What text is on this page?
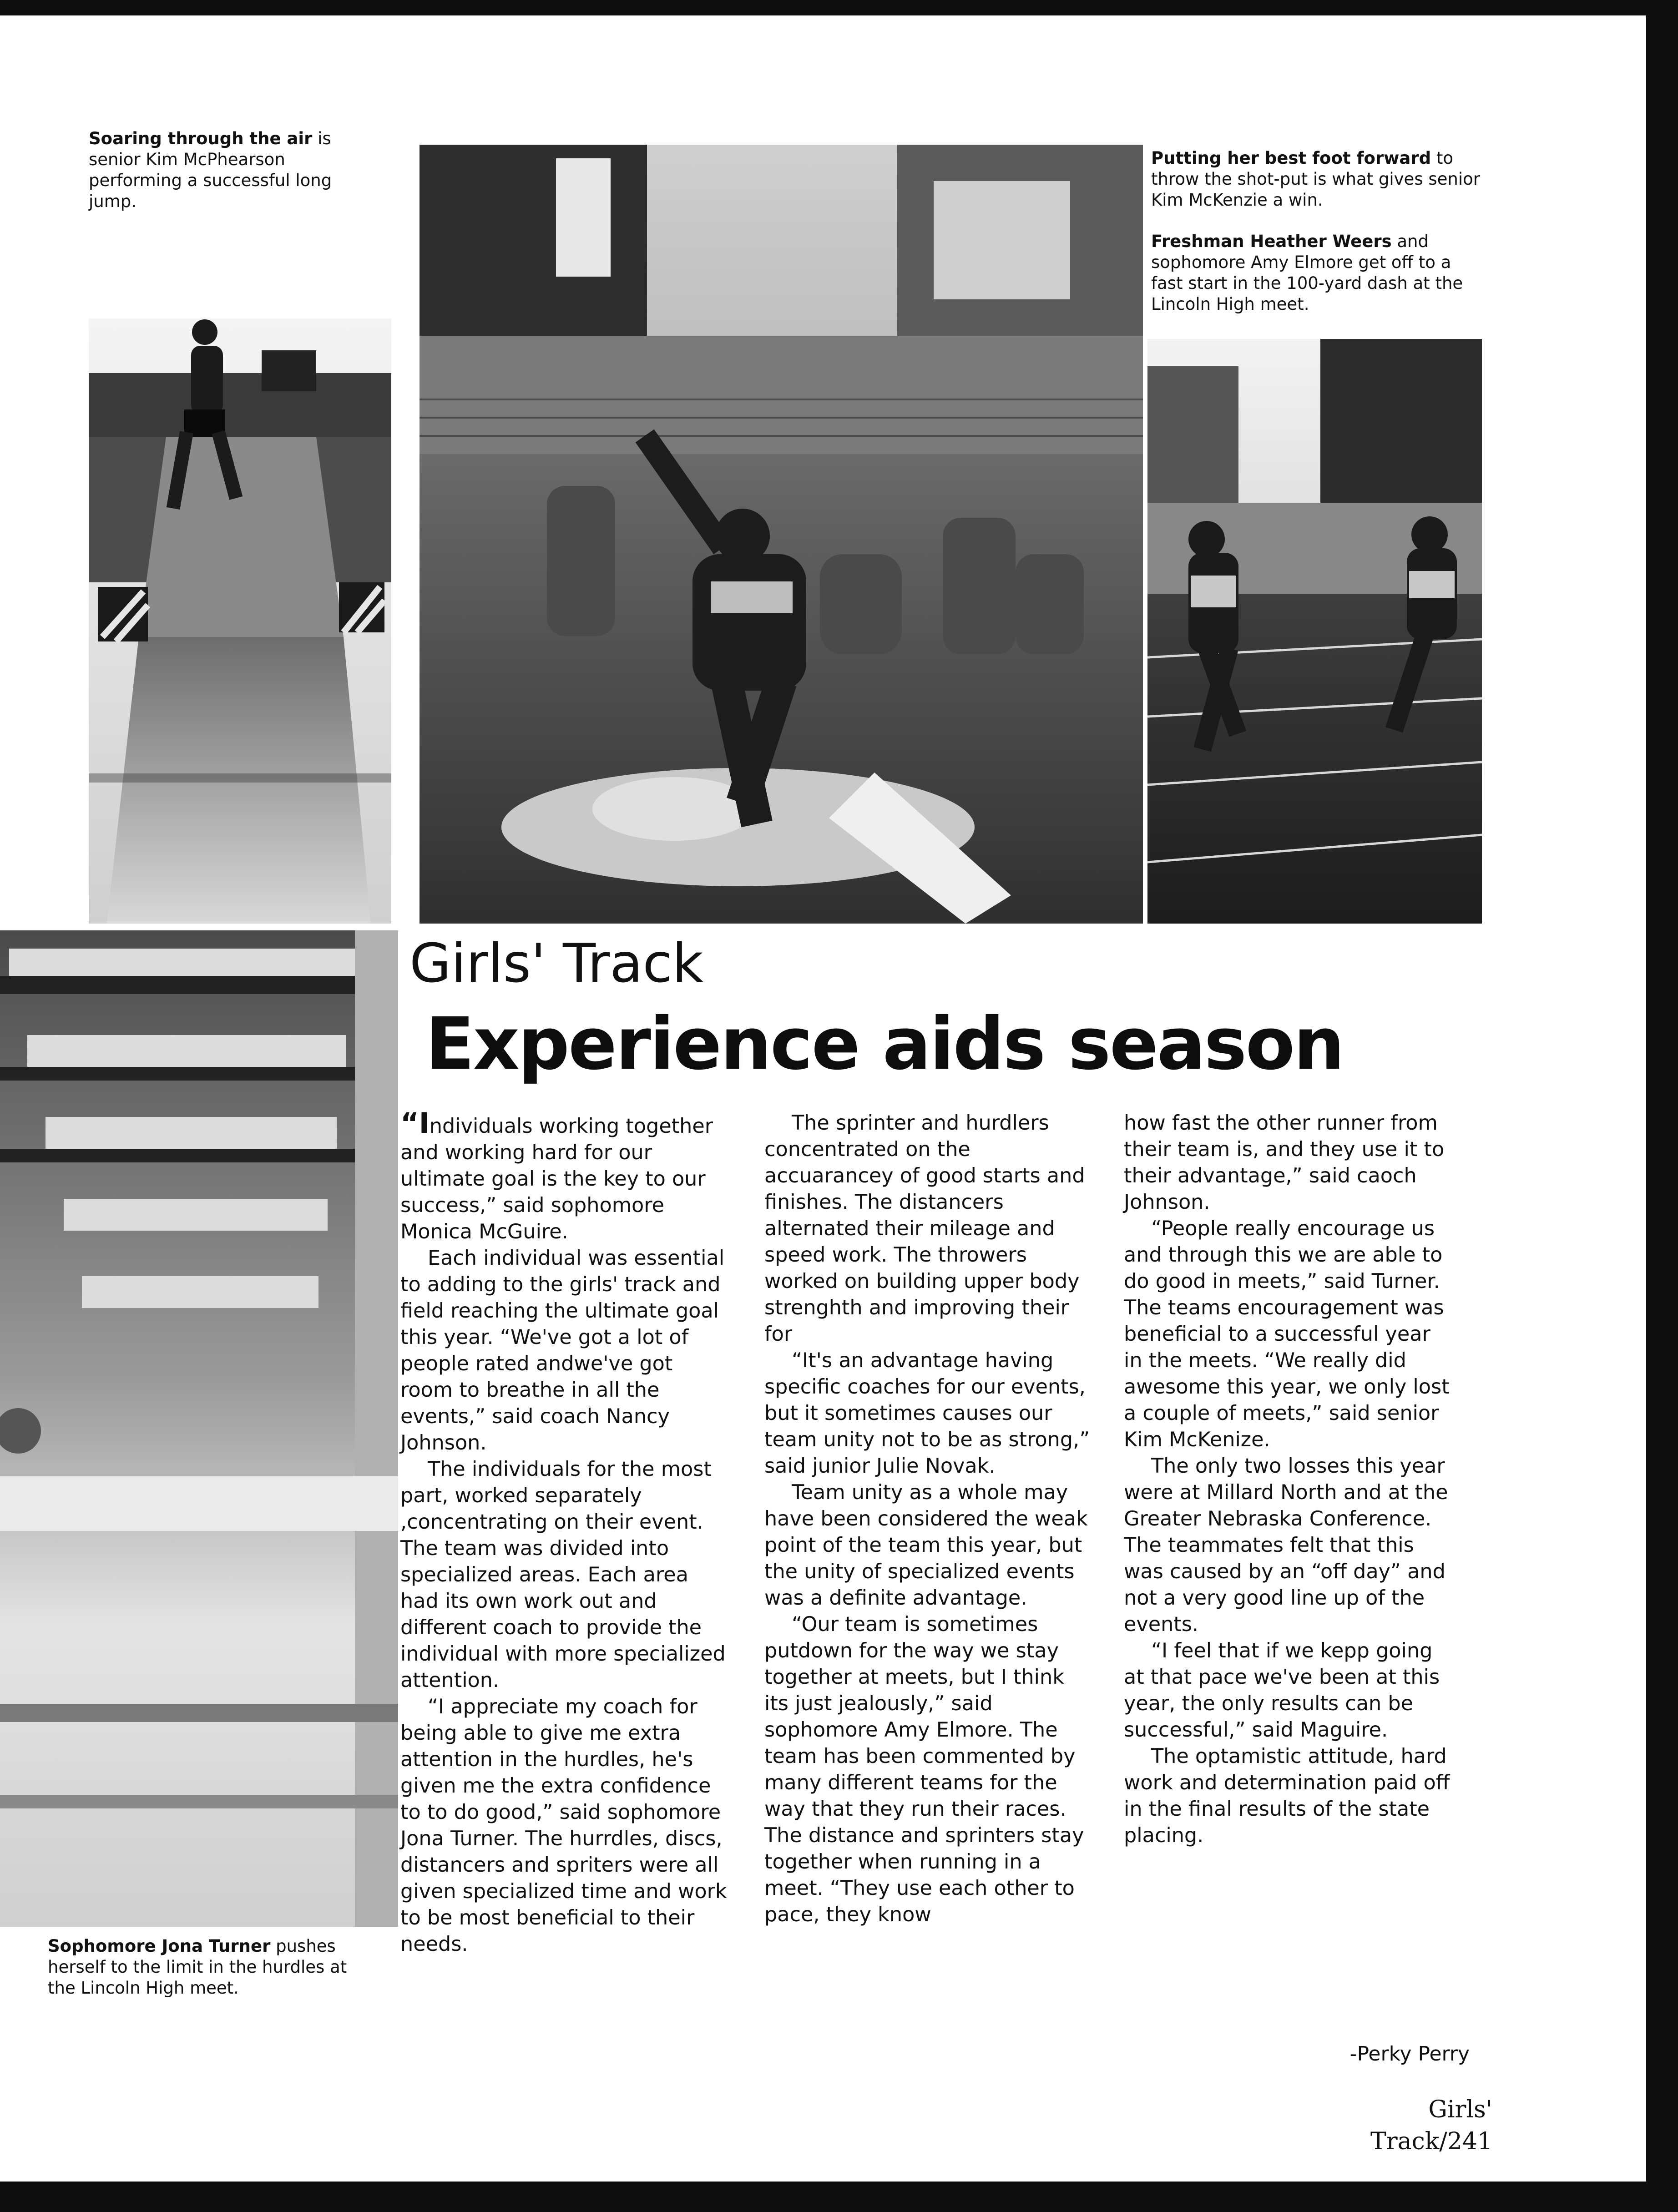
Soaring through the air is senior Kim McPhearson performing a successful long jump.
Putting her best foot forward to throw the shot-put is what gives senior Kim McKenzie a win.
Freshman Heather Weers and sophomore Amy Elmore get off to a fast start in the 100-yard dash at the Lincoln High meet.
Sophomore Jona Turner pushes herself to the limit in the hurdles at the Lincoln High meet.
Girls' Track
Experience aids season

“Individuals working together and working hard for our ultimate goal is the key to our success,” said sophomore Monica McGuire.

Each individual was essential to adding to the girls' track and field reaching the ultimate goal this year. “We've got a lot of people rated andwe've got room to breathe in all the events,” said coach Nancy Johnson.

The individuals for the most part, worked separately ,concentrating on their event. The team was divided into specialized areas. Each area had its own work out and different coach to provide the individual with more specialized attention.

“I appreciate my coach for being able to give me extra attention in the hurdles, he's given me the extra confidence to to do good,” said sophomore Jona Turner. The hurrdles, discs, distancers and spriters were all given specialized time and work to be most beneficial to their needs.

The sprinter and hurdlers concentrated on the accuarancey of good starts and finishes. The distancers alternated their mileage and speed work. The throwers worked on building upper body strenghth and improving their for

“It's an advantage having specific coaches for our events, but it sometimes causes our team unity not to be as strong,” said junior Julie Novak.

Team unity as a whole may have been considered the weak point of the team this year, but the unity of specialized events was a definite advantage.

“Our team is sometimes putdown for the way we stay together at meets, but I think its just jealously,” said sophomore Amy Elmore. The team has been commented by many different teams for the way that they run their races. The distance and sprinters stay together when running in a meet. “They use each other to pace, they know

how fast the other runner from their team is, and they use it to their advantage,” said caoch Johnson.

“People really encourage us and through this we are able to do good in meets,” said Turner. The teams encouragement was beneficial to a successful year in the meets. “We really did awesome this year, we only lost a couple of meets,” said senior Kim McKenize.

The only two losses this year were at Millard North and at the Greater Nebraska Conference. The teammates felt that this was caused by an “off day” and not a very good line up of the events.

“I feel that if we kepp going at that pace we've been at this year, the only results can be successful,” said Maguire.

The optamistic attitude, hard work and determination paid off in the final results of the state placing.

-Perky Perry
Girls' Track/241
